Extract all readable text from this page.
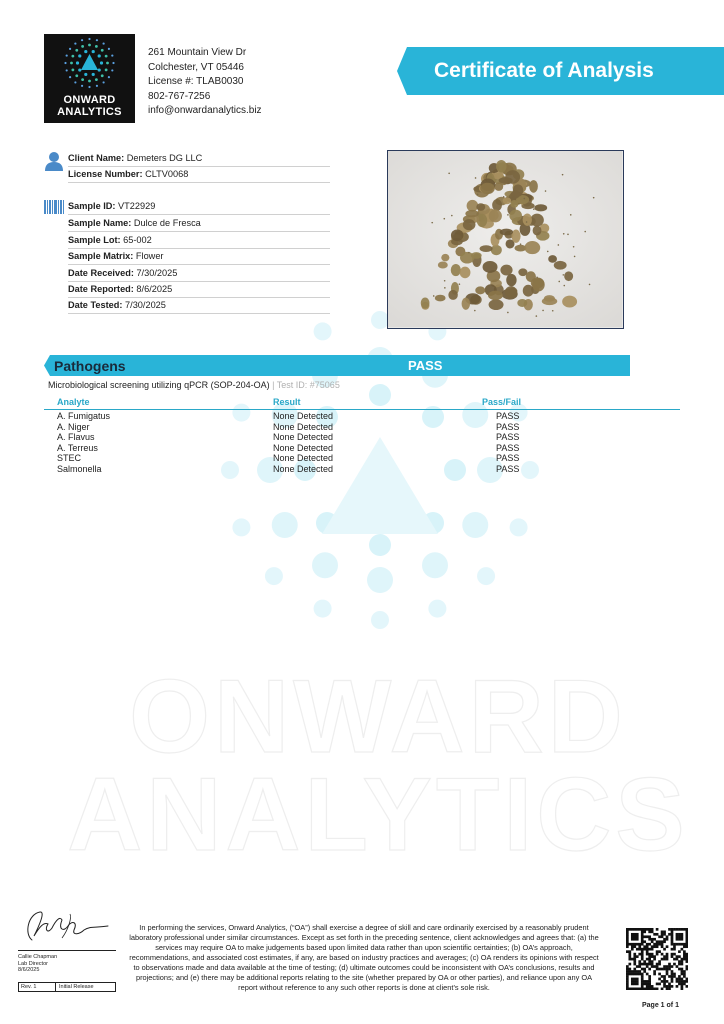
ONWARD
ANALYTICS
ONWARD
ANALYTICS
261 Mountain View Dr
Colchester, VT 05446
License #: TLAB0030
802-767-7256
info@onwardanalytics.biz
Certificate of Analysis
Client Name: Demeters DG LLC
License Number: CLTV0068
Sample ID: VT22929
Sample Name: Dulce de Fresca
Sample Lot: 65-002
Sample Matrix: Flower
Date Received: 7/30/2025
Date Reported: 8/6/2025
Date Tested: 7/30/2025
Pathogens	PASS
Microbiological screening utilizing qPCR (SOP-204-OA) | Test ID: #75065
Analyte	Result	Pass/Fail
A. Fumigatus	None Detected	PASS
A. Niger	None Detected	PASS
A. Flavus	None Detected	PASS
A. Terreus	None Detected	PASS
STEC	None Detected	PASS
Salmonella	None Detected	PASS
Callie Chapman
Lab Director
8/6/2025
Rev. 1	Initial Release
In performing the services, Onward Analytics, (“OA”) shall exercise a degree of skill and care ordinarily exercised by a reasonably prudent laboratory professional under similar circumstances. Except as set forth in the preceding sentence, client acknowledges and agrees that: (a) the services may require OA to make judgements based upon limited data rather than upon scientific certainties; (b) OA’s approach, recommendations, and associated cost estimates, if any, are based on industry practices and averages; (c) OA renders its opinions with respect to observations made and data available at the time of testing; (d) ultimate outcomes could be inconsistent with OA’s conclusions, results and projections; and (e) there may be additional reports relating to the site (whether prepared by OA or other parties), and reliance upon any OA report without reference to any such other reports is done at client’s sole risk.
Page 1 of 1
